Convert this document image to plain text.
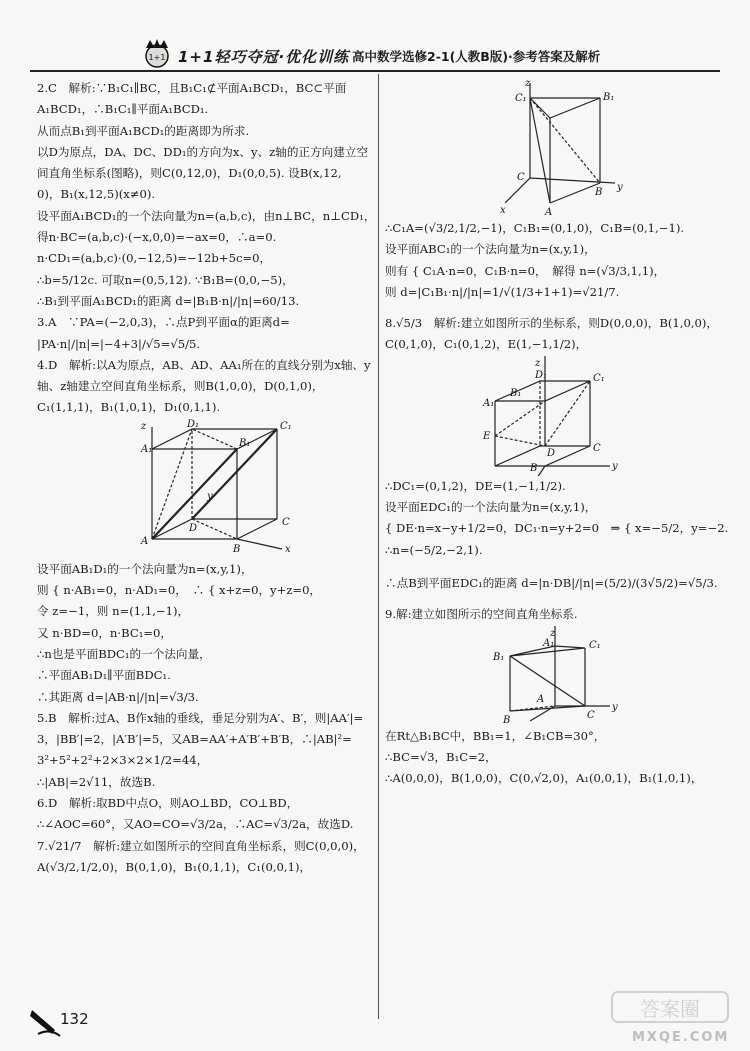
1+1 1+1轻巧夺冠·优化训练 高中数学选修2-1(人教B版)·参考答案及解析
2.C　解析:∵B₁C₁∥BC，且B₁C₁⊄平面A₁BCD₁，BC⊂平面
A₁BCD₁，∴B₁C₁∥平面A₁BCD₁.
从而点B₁到平面A₁BCD₁的距离即为所求.
以D为原点，DA、DC、DD₁的方向为x、y、z轴的正方向建立空
间直角坐标系(图略)，则C(0,12,0)，D₁(0,0,5). 设B(x,12,
0)，B₁(x,12,5)(x≠0).
设平面A₁BCD₁的一个法向量为n=(a,b,c)，由n⊥BC，n⊥CD₁，
得n·BC=(a,b,c)·(−x,0,0)=−ax=0，∴a=0.
n·CD₁=(a,b,c)·(0,−12,5)=−12b+5c=0，
∴b=5/12c. 可取n=(0,5,12). ∵B₁B=(0,0,−5)，
∴B₁到平面A₁BCD₁的距离 d=|B₁B·n|/|n|=60/13.
3.A　∵PA=(−2,0,3)，∴点P到平面α的距离d=
|PA·n|/|n|=|−4+3|/√5=√5/5.
4.D　解析:以A为原点，AB、AD、AA₁所在的直线分别为x轴、y
轴、z轴建立空间直角坐标系，则B(1,0,0)，D(0,1,0)，
C₁(1,1,1)，B₁(1,0,1)，D₁(0,1,1).
z
A₁
D₁	C₁
B₁
A
D
C
B	x
y
设平面AB₁D₁的一个法向量为n=(x,y,1)，
则 { n·AB₁=0，n·AD₁=0，　∴ { x+z=0，y+z=0，
令 z=−1，则 n=(1,1,−1)，
又 n·BD=0，n·BC₁=0，
∴n也是平面BDC₁的一个法向量，
∴平面AB₁D₁∥平面BDC₁.
∴其距离 d=|AB·n|/|n|=√3/3.
5.B　解析:过A、B作x轴的垂线，垂足分别为A′、B′，则|AA′|=
3，|BB′|=2，|A′B′|=5，又AB=AA′+A′B′+B′B，∴|AB|²=
3²+5²+2²+2×3×2×1/2=44，
∴|AB|=2√11，故选B.
6.D　解析:取BD中点O，则AO⊥BD，CO⊥BD，
∴∠AOC=60°，又AO=CO=√3/2a，∴AC=√3/2a，故选D.
7.√21/7　解析:建立如图所示的空间直角坐标系，则C(0,0,0)，
A(√3/2,1/2,0)，B(0,1,0)，B₁(0,1,1)，C₁(0,0,1)，
z
C₁	B₁
C
B y
A
x
∴C₁A=(√3/2,1/2,−1)，C₁B₁=(0,1,0)，C₁B=(0,1,−1).
设平面ABC₁的一个法向量为n=(x,y,1)，
则有 { C₁A·n=0，C₁B·n=0，　解得 n=(√3/3,1,1)，
则 d=|C₁B₁·n|/|n|=1/√(1/3+1+1)=√21/7.
8.√5/3　解析:建立如图所示的坐标系，则D(0,0,0)，B(1,0,0)，
C(0,1,0)，C₁(0,1,2)，E(1,−1,1/2)，
z
D₁	C₁
A₁
B₁
E
D	C
y
B
∴DC₁=(0,1,2)，DE=(1,−1,1/2).
设平面EDC₁的一个法向量为n=(x,y,1)，
{ DE·n=x−y+1/2=0，DC₁·n=y+2=0　⇒ { x=−5/2，y=−2.
∴n=(−5/2,−2,1).
∴点B到平面EDC₁的距离 d=|n·DB|/|n|=(5/2)/(3√5/2)=√5/3.
9.解:建立如图所示的空间直角坐标系.
z
A₁	C₁
B₁
A
C
y
B
在Rt△B₁BC中，BB₁=1，∠B₁CB=30°，
∴BC=√3，B₁C=2，
∴A(0,0,0)，B(1,0,0)，C(0,√2,0)，A₁(0,0,1)，B₁(1,0,1)，
132	答案圈
MXQE.COM
